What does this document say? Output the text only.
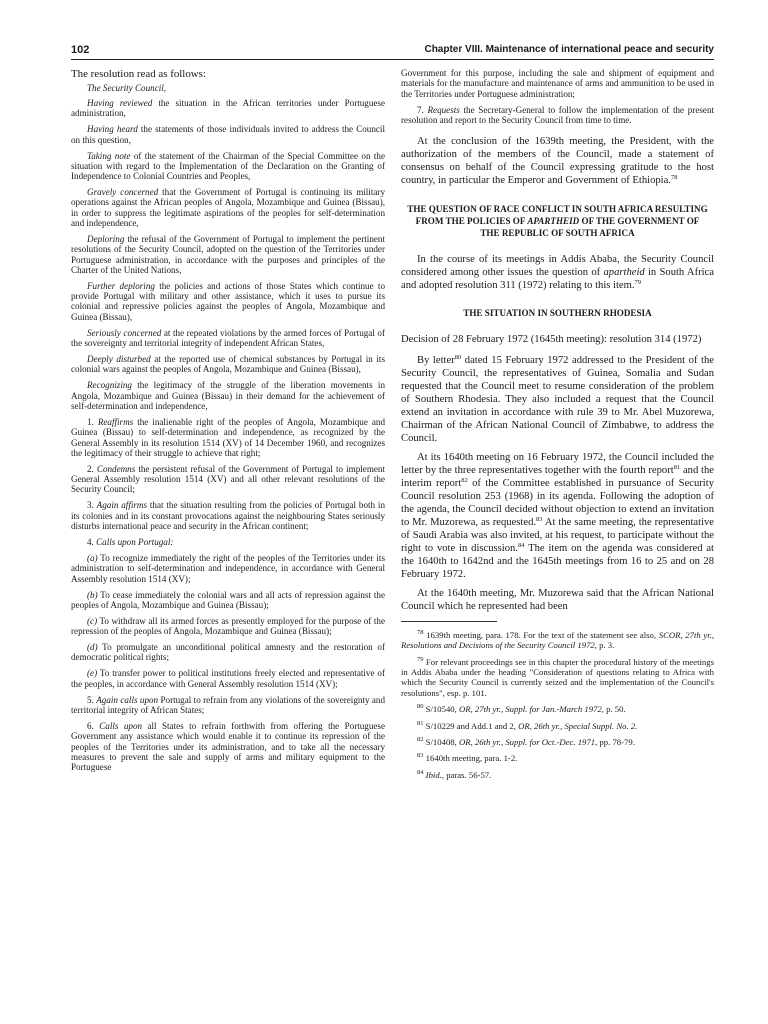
102	Chapter VIII. Maintenance of international peace and security

The resolution read as follows:

The Security Council,

Having reviewed the situation in the African territories under Portuguese administration,

Having heard the statements of those individuals invited to address the Council on this question,

Taking note of the statement of the Chairman of the Special Committee on the situation with regard to the Implementation of the Declaration on the Granting of Independence to Colonial Countries and Peoples,

Gravely concerned that the Government of Portugal is continuing its military operations against the African peoples of Angola, Mozambique and Guinea (Bissau), in order to suppress the legitimate aspirations of the peoples for self-determination and independence,

Deploring the refusal of the Government of Portugal to implement the pertinent resolutions of the Security Council, adopted on the question of the Territories under Portuguese administration, in accordance with the purposes and principles of the Charter of the United Nations,

Further deploring the policies and actions of those States which continue to provide Portugal with military and other assistance, which it uses to pursue its colonial and repressive policies against the peoples of Angola, Mozambique and Guinea (Bissau),

Seriously concerned at the repeated violations by the armed forces of Portugal of the sovereignty and territorial integrity of independent African States,

Deeply disturbed at the reported use of chemical substances by Portugal in its colonial wars against the peoples of Angola, Mozambique and Guinea (Bissau),

Recognizing the legitimacy of the struggle of the liberation movements in Angola, Mozambique and Guinea (Bissau) in their demand for the achievement of self-determination and independence,

1. Reaffirms the inalienable right of the peoples of Angola, Mozambique and Guinea (Bissau) to self-determination and independence, as recognized by the General Assembly in its resolution 1514 (XV) of 14 December 1960, and recognizes the legitimacy of their struggle to achieve that right;

2. Condemns the persistent refusal of the Government of Portugal to implement General Assembly resolution 1514 (XV) and all other relevant resolutions of the Security Council;

3. Again affirms that the situation resulting from the policies of Portugal both in its colonies and in its constant provocations against the neighbouring States seriously disturbs international peace and security in the African continent;

4. Calls upon Portugal:

(a) To recognize immediately the right of the peoples of the Territories under its administration to self-determination and independence, in accordance with General Assembly resolution 1514 (XV);

(b) To cease immediately the colonial wars and all acts of repression against the peoples of Angola, Mozambique and Guinea (Bissau);

(c) To withdraw all its armed forces as presently employed for the purpose of the repression of the peoples of Angola, Mozambique and Guinea (Bissau);

(d) To promulgate an unconditional political amnesty and the restoration of democratic political rights;

(e) To transfer power to political institutions freely elected and representative of the peoples, in accordance with General Assembly resolution 1514 (XV);

5. Again calls upon Portugal to refrain from any violations of the sovereignty and territorial integrity of African States;

6. Calls upon all States to refrain forthwith from offering the Portuguese Government any assistance which would enable it to continue its repression of the peoples of the Territories under its administration, and to take all the necessary measures to prevent the sale and supply of arms and military equipment to the Portuguese

Government for this purpose, including the sale and shipment of equipment and materials for the manufacture and maintenance of arms and ammunition to be used in the Territories under Portuguese administration;

7. Requests the Secretary-General to follow the implementation of the present resolution and report to the Security Council from time to time.

At the conclusion of the 1639th meeting, the President, with the authorization of the members of the Council, made a statement of consensus on behalf of the Council expressing gratitude to the host country, in particular the Emperor and Government of Ethiopia.$^{78}$

THE QUESTION OF RACE CONFLICT IN SOUTH AFRICA RESULTING FROM THE POLICIES OF APARTHEID OF THE GOVERNMENT OF THE REPUBLIC OF SOUTH AFRICA

In the course of its meetings in Addis Ababa, the Security Council considered among other issues the question of apartheid in South Africa and adopted resolution 311 (1972) relating to this item.$^{79}$

THE SITUATION IN SOUTHERN RHODESIA

Decision of 28 February 1972 (1645th meeting): resolution 314 (1972)

By letter$^{80}$ dated 15 February 1972 addressed to the President of the Security Council, the representatives of Guinea, Somalia and Sudan requested that the Council meet to resume consideration of the problem of Southern Rhodesia. They also included a request that the Council extend an invitation in accordance with rule 39 to Mr. Abel Muzorewa, Chairman of the African National Council of Zimbabwe, to address the Council.

At its 1640th meeting on 16 February 1972, the Council included the letter by the three representatives together with the fourth report$^{81}$ and the interim report$^{82}$ of the Committee established in pursuance of Security Council resolution 253 (1968) in its agenda. Following the adoption of the agenda, the Council decided without objection to extend an invitation to Mr. Muzorewa, as requested.$^{83}$ At the same meeting, the representative of Saudi Arabia was also invited, at his request, to participate without the right to vote in discussion.$^{84}$ The item on the agenda was considered at the 1640th to 1642nd and the 1645th meetings from 16 to 25 and on 28 February 1972.

At the 1640th meeting, Mr. Muzorewa said that the African National Council which he represented had been

$^{78}$ 1639th meeting, para. 178. For the text of the statement see also, SCOR, 27th yr., Resolutions and Decisions of the Security Council 1972, p. 3.

$^{79}$ For relevant proceedings see in this chapter the procedural history of the meetings in Addis Ababa under the heading "Consideration of questions relating to Africa with which the Security Council is currently seized and the implementation of the Council's resolutions", esp. p. 101.

$^{80}$ S/10540, OR, 27th yr., Suppl. for Jan.-March 1972, p. 50.

$^{81}$ S/10229 and Add.1 and 2, OR, 26th yr., Special Suppl. No. 2.

$^{82}$ S/10408, OR, 26th yr., Suppl. for Oct.-Dec. 1971, pp. 78-79.

$^{83}$ 1640th meeting, para. 1-2.

$^{84}$ Ibid., paras. 56-57.
